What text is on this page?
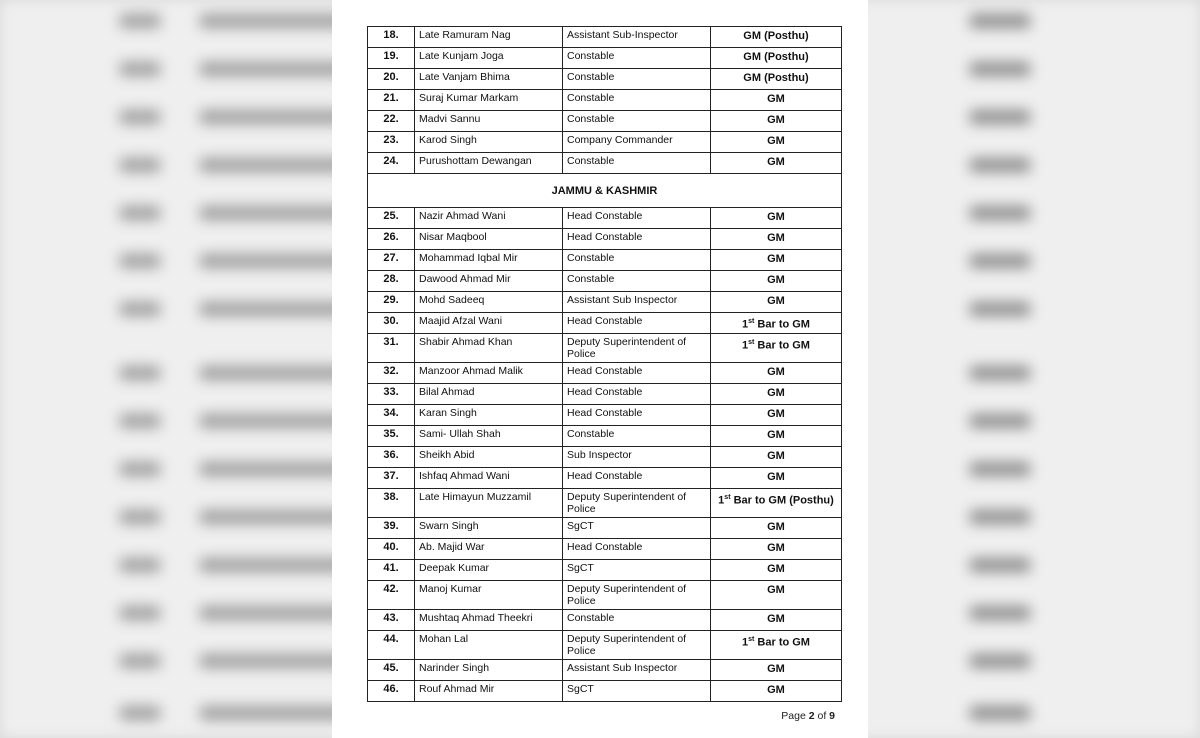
18.	Late Ramuram Nag	Assistant Sub-Inspector	GM (Posthu)
19.	Late Kunjam Joga	Constable	GM (Posthu)
20.	Late Vanjam Bhima	Constable	GM (Posthu)
21.	Suraj Kumar Markam	Constable	GM
22.	Madvi Sannu	Constable	GM
23.	Karod Singh	Company Commander	GM
24.	Purushottam Dewangan	Constable	GM
JAMMU & KASHMIR			
25.	Nazir Ahmad Wani	Head Constable	GM
26.	Nisar Maqbool	Head Constable	GM
27.	Mohammad Iqbal Mir	Constable	GM
28.	Dawood Ahmad Mir	Constable	GM
29.	Mohd Sadeeq	Assistant Sub Inspector	GM
30.	Maajid Afzal Wani	Head Constable	1st Bar to GM
31.	Shabir Ahmad Khan	Deputy Superintendent of Police	1st Bar to GM
32.	Manzoor Ahmad Malik	Head Constable	GM
33.	Bilal Ahmad	Head Constable	GM
34.	Karan Singh	Head Constable	GM
35.	Sami- Ullah Shah	Constable	GM
36.	Sheikh Abid	Sub Inspector	GM
37.	Ishfaq Ahmad Wani	Head Constable	GM
38.	Late Himayun Muzzamil	Deputy Superintendent of Police	1st Bar to GM (Posthu)
39.	Swarn Singh	SgCT	GM
40.	Ab. Majid War	Head Constable	GM
41.	Deepak Kumar	SgCT	GM
42.	Manoj Kumar	Deputy Superintendent of Police	GM
43.	Mushtaq Ahmad Theekri	Constable	GM
44.	Mohan Lal	Deputy Superintendent of Police	1st Bar to GM
45.	Narinder Singh	Assistant Sub Inspector	GM
46.	Rouf Ahmad Mir	SgCT	GM
Page 2 of 9
